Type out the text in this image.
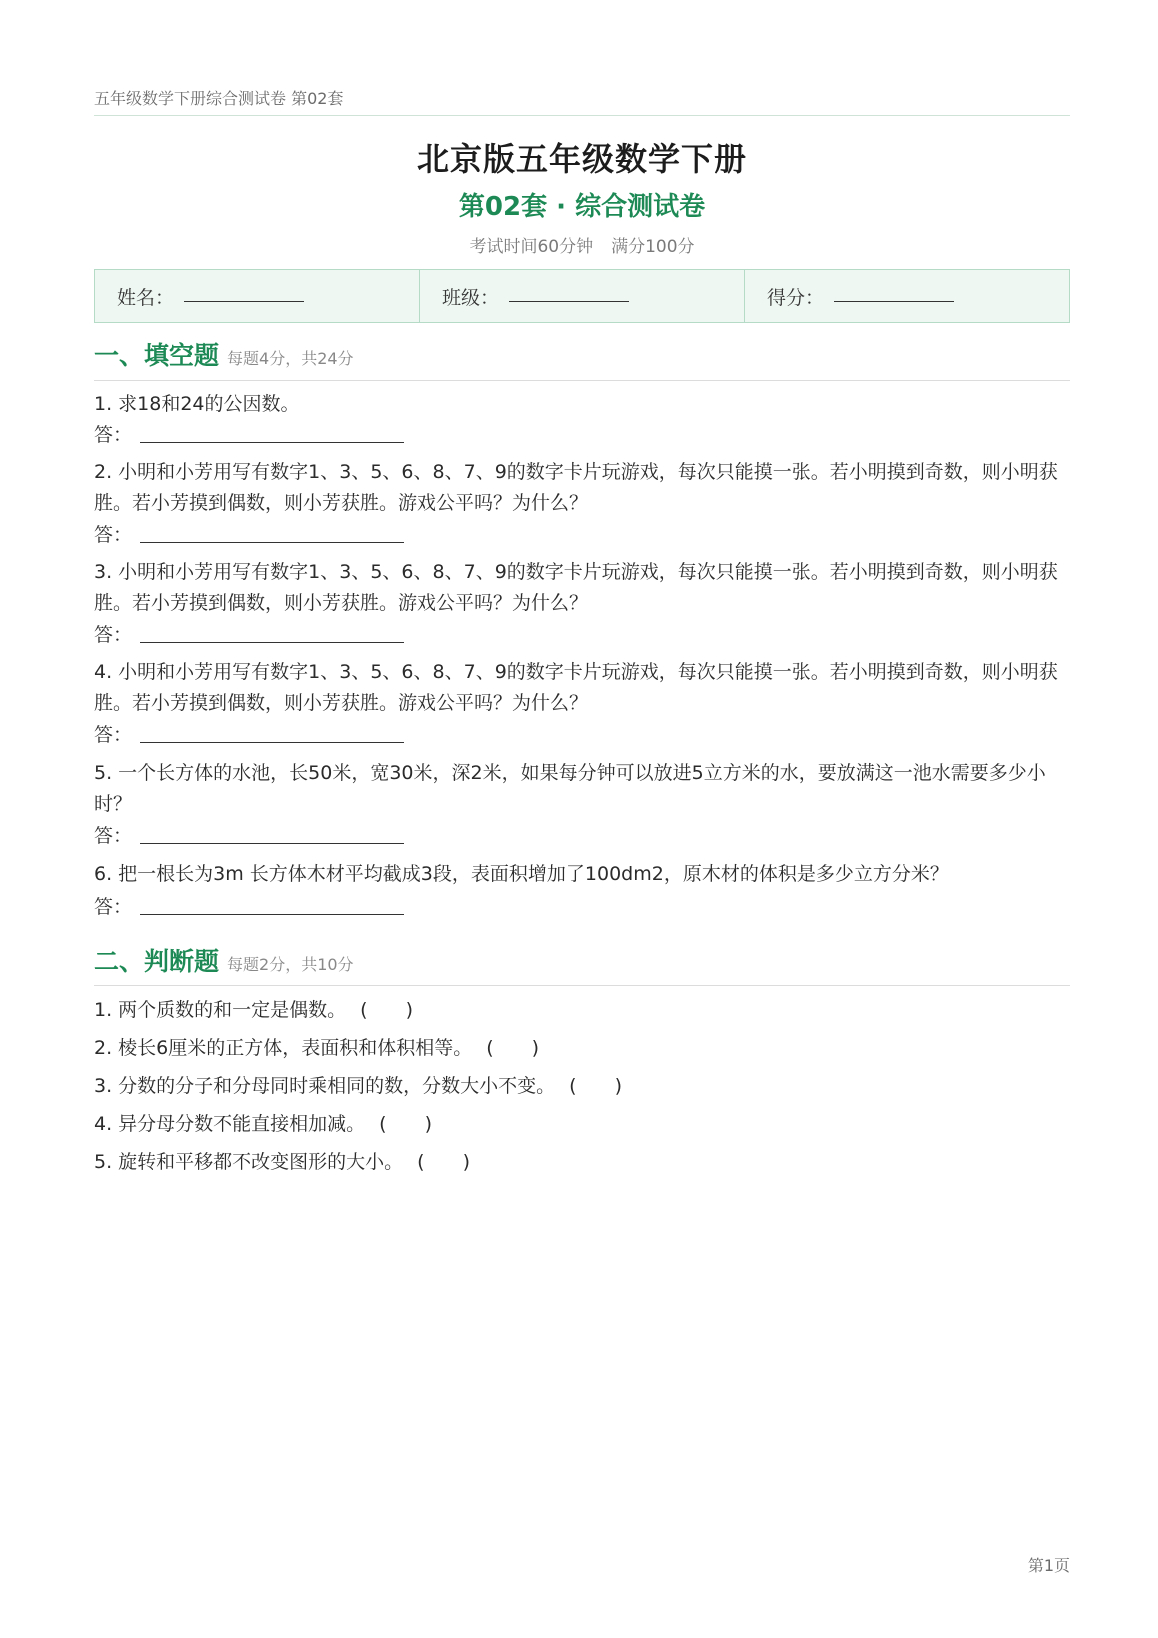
五年级数学下册综合测试卷 第02套
北京版五年级数学下册
第02套 · 综合测试卷
考试时间60分钟 满分100分
姓名：	班级：	得分：
一、填空题 每题4分，共24分
1. 求18和24的公因数。
答：
2. 小明和小芳用写有数字1、3、5、6、8、7、9的数字卡片玩游戏，每次只能摸一张。若小明摸到奇数，则小明获胜。若小芳摸到偶数，则小芳获胜。游戏公平吗？为什么？
答：
3. 小明和小芳用写有数字1、3、5、6、8、7、9的数字卡片玩游戏，每次只能摸一张。若小明摸到奇数，则小明获胜。若小芳摸到偶数，则小芳获胜。游戏公平吗？为什么？
答：
4. 小明和小芳用写有数字1、3、5、6、8、7、9的数字卡片玩游戏，每次只能摸一张。若小明摸到奇数，则小明获胜。若小芳摸到偶数，则小芳获胜。游戏公平吗？为什么？
答：
5. 一个长方体的水池，长50米，宽30米，深2米，如果每分钟可以放进5立方米的水，要放满这一池水需要多少小时？
答：
6. 把一根长为3m 长方体木材平均截成3段，表面积增加了100dm2，原木材的体积是多少立方分米？
答：
二、判断题 每题2分，共10分
1. 两个质数的和一定是偶数。 (　　)
2. 棱长6厘米的正方体，表面积和体积相等。 (　　)
3. 分数的分子和分母同时乘相同的数，分数大小不变。 (　　)
4. 异分母分数不能直接相加减。 (　　)
5. 旋转和平移都不改变图形的大小。 (　　)
第1页
